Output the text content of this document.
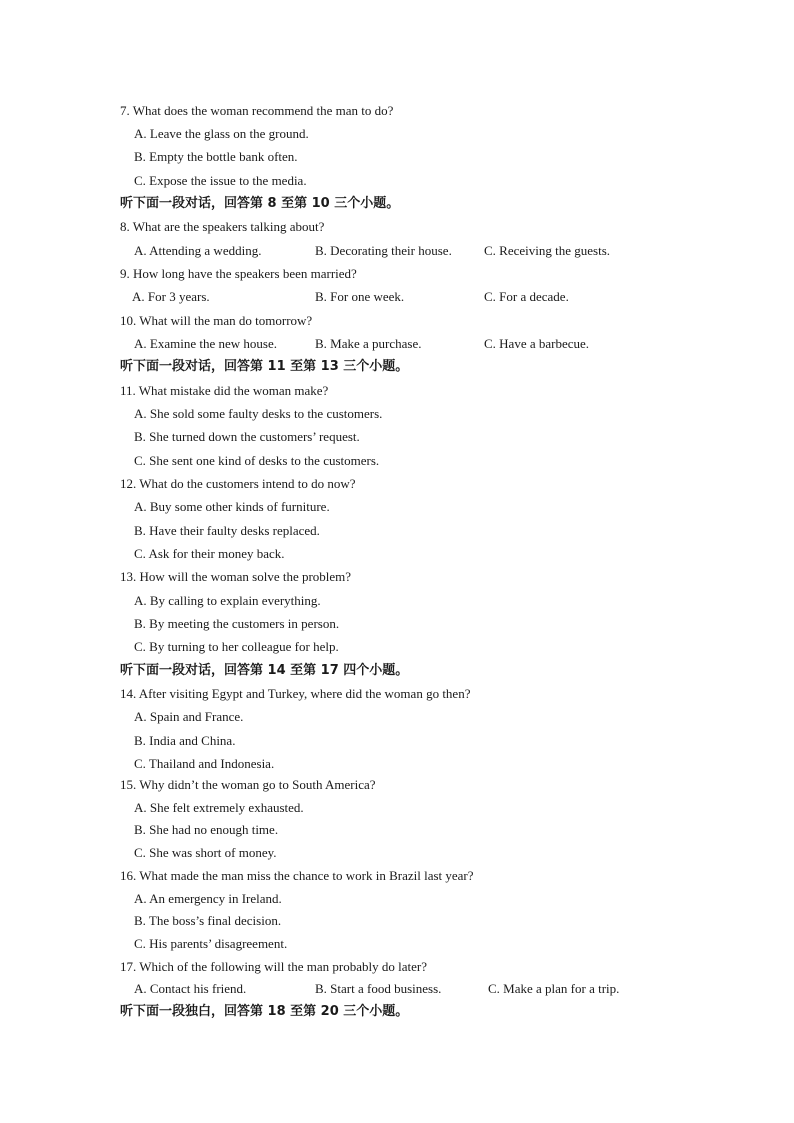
7. What does the woman recommend the man to do?
A. Leave the glass on the ground.
B. Empty the bottle bank often.
C. Expose the issue to the media.
听下面一段对话，回答第 8 至第 10 三个小题。
8. What are the speakers talking about?
A. Attending a wedding.	B. Decorating their house. C. Receiving the guests.
9. How long have the speakers been married?
A. For 3 years.	B. For one week.	C. For a decade.
10. What will the man do tomorrow?
A. Examine the new house.	B. Make a purchase.	C. Have a barbecue.
听下面一段对话，回答第 11 至第 13 三个小题。
11. What mistake did the woman make?
A. She sold some faulty desks to the customers.
B. She turned down the customers’ request.
C. She sent one kind of desks to the customers.
12. What do the customers intend to do now?
A. Buy some other kinds of furniture.
B. Have their faulty desks replaced.
C. Ask for their money back.
13. How will the woman solve the problem?
A. By calling to explain everything.
B. By meeting the customers in person.
C. By turning to her colleague for help.
听下面一段对话，回答第 14 至第 17 四个小题。
14. After visiting Egypt and Turkey, where did the woman go then?
A. Spain and France.
B. India and China.
C. Thailand and Indonesia.
15. Why didn’t the woman go to South America?
A. She felt extremely exhausted.
B. She had no enough time.
C. She was short of money.
16. What made the man miss the chance to work in Brazil last year?
A. An emergency in Ireland.
B. The boss’s final decision.
C. His parents’ disagreement.
17. Which of the following will the man probably do later?
A. Contact his friend.	B. Start a food business.	C. Make a plan for a trip.
听下面一段独白，回答第 18 至第 20 三个小题。
